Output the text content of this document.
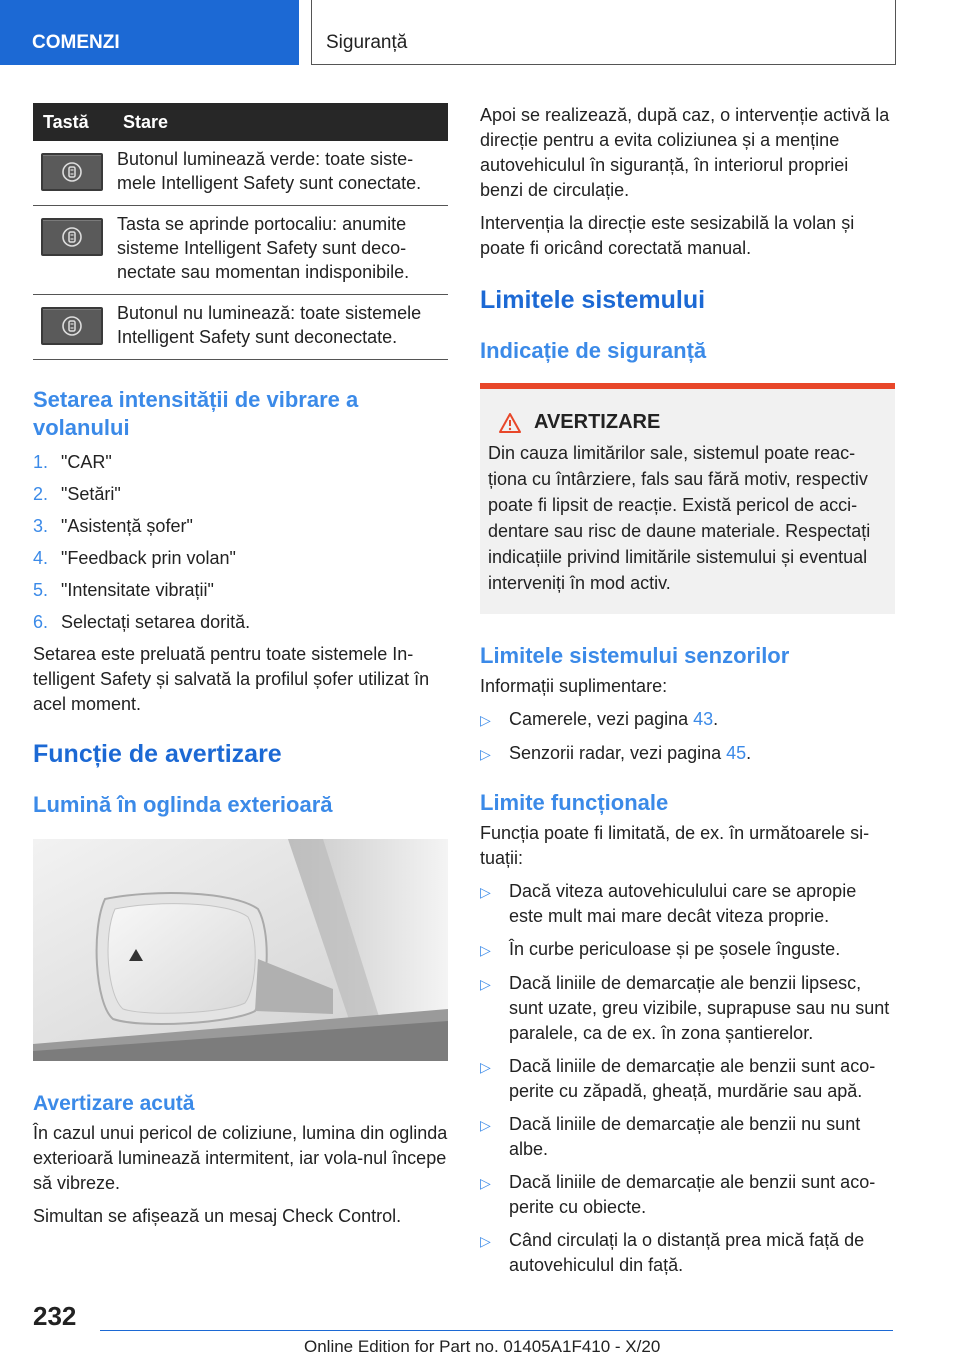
COMENZI	Siguranță
Tastă	Stare

	Butonul luminează verde: toate siste-mele Intelligent Safety sunt conectate.

	Tasta se aprinde portocaliu: anumite sisteme Intelligent Safety sunt deco-nectate sau momentan indisponibile.

	Butonul nu luminează: toate sistemele Intelligent Safety sunt deconectate.
Setarea intensității de vibrare a volanului
1. "CAR"
2. "Setări"
3. "Asistență șofer"
4. "Feedback prin volan"
5. "Intensitate vibrații"
6. Selectați setarea dorită.

Setarea este preluată pentru toate sistemele In-telligent Safety și salvată la profilul șofer utilizat în acel moment.

Funcție de avertizare
Lumină în oglinda exterioară
Avertizare acută

În cazul unui pericol de coliziune, lumina din oglinda exterioară luminează intermitent, iar vola-nul începe să vibreze.

Simultan se afișează un mesaj Check Control.

Apoi se realizează, după caz, o intervenție activă la direcție pentru a evita coliziunea și a menține autovehiculul în siguranță, în interiorul propriei benzi de circulație.

Intervenția la direcție este sesizabilă la volan și poate fi oricând corectată manual.

Limitele sistemului
Indicație de siguranță
AVERTIZARE

Din cauza limitărilor sale, sistemul poate reac-ționa cu întârziere, fals sau fără motiv, respectiv poate fi lipsit de reacție. Există pericol de acci-dentare sau risc de daune materiale. Respectați indicațiile privind limitările sistemului și eventual interveniți în mod activ.

Limitele sistemului senzorilor

Informații suplimentare:

▷	Camerele, vezi pagina 43.
▷	Senzorii radar, vezi pagina 45.
Limite funcționale

Funcția poate fi limitată, de ex. în următoarele si-tuații:

▷	Dacă viteza autovehiculului care se apropie este mult mai mare decât viteza proprie.
▷	În curbe periculoase și pe șosele înguste.
▷	Dacă liniile de demarcație ale benzii lipsesc, sunt uzate, greu vizibile, suprapuse sau nu sunt paralele, ca de ex. în zona șantierelor.
▷	Dacă liniile de demarcație ale benzii sunt aco-perite cu zăpadă, gheață, murdărie sau apă.
▷	Dacă liniile de demarcație ale benzii nu sunt albe.
▷	Dacă liniile de demarcație ale benzii sunt aco-perite cu obiecte.
▷	Când circulați la o distanță prea mică față de autovehiculul din față.
232
Online Edition for Part no. 01405A1F410 - X/20
